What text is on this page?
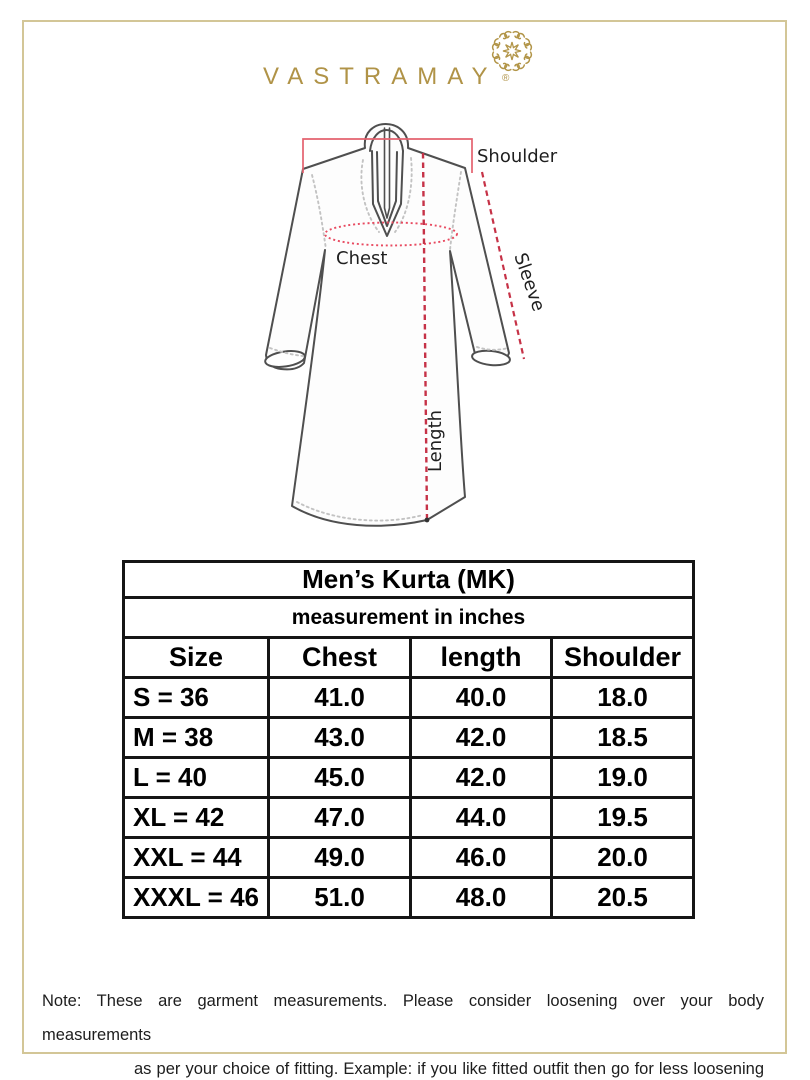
VASTRAMAY ®
Shoulder
Chest	Sleeve
Length
Men’s Kurta (MK)			
measurement in inches			
Size	Chest	length	Shoulder
S = 36	41.0	40.0	18.0
M = 38	43.0	42.0	18.5
L = 40	45.0	42.0	19.0
XL = 42	47.0	44.0	19.5
XXL = 44	49.0	46.0	20.0
XXXL = 46	51.0	48.0	20.5
Note: These are garment measurements. Please consider loosening over your body measurements
as per your choice of fitting. Example: if you like fitted outfit then go for less loosening
